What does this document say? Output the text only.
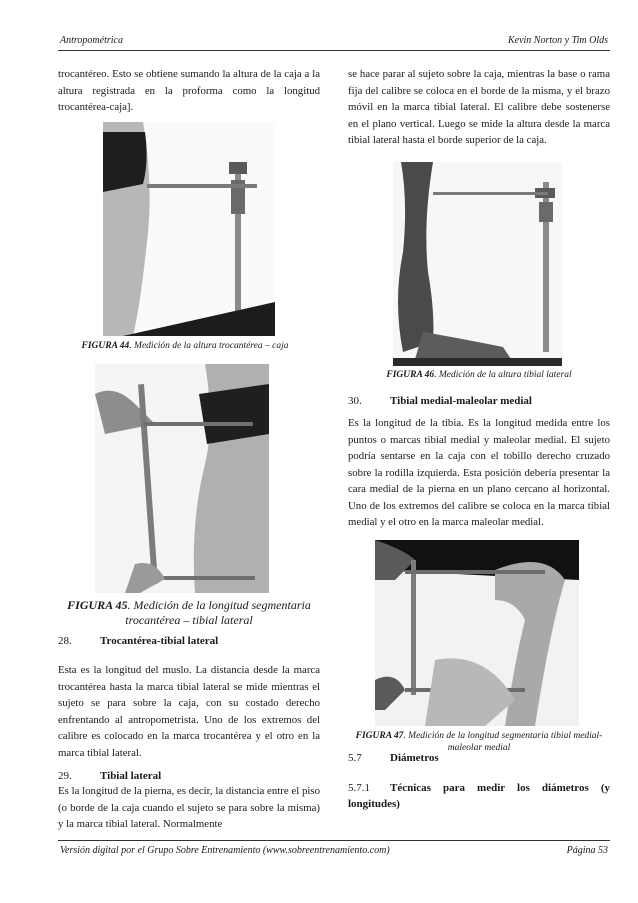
Antropométrica	Kevin Norton y Tim Olds

trocantéreo. Esto se obtiene sumando la altura de la caja a la altura registrada en la proforma como la longitud trocantérea-caja].

FIGURA 44. Medición de la altura trocantérea – caja
FIGURA 45. Medición de la longitud segmentaria
trocantérea – tibial lateral
28.	Trocantérea-tibial lateral

Esta es la longitud del muslo. La distancia desde la marca trocantérea hasta la marca tibial lateral se mide mientras el sujeto se para sobre la caja, con su costado derecho enfrentando al antropometrista. Uno de los extremos del calibre es colocado en la marca trocantérea y el otro en la marca tibial lateral.

29.	Tibial lateral

Es la longitud de la pierna, es decir, la distancia entre el piso (o borde de la caja cuando el sujeto se para sobre la misma) y la marca tibial lateral. Normalmente

se hace parar al sujeto sobre la caja, mientras la base o rama fija del calibre se coloca en el borde de la misma, y el brazo móvil en la marca tibial lateral. El calibre debe sostenerse en el plano vertical. Luego se mide la altura desde la marca tibial lateral hasta el borde superior de la caja.

FIGURA 46. Medición de la altura tibial lateral
30.	Tibial medial-maleolar medial

Es la longitud de la tibia. Es la longitud medida entre los puntos o marcas tibial medial y maleolar medial. El sujeto podría sentarse en la caja con el tobillo derecho cruzado sobre la rodilla izquierda. Esta posición debería presentar la cara medial de la pierna en un plano cercano al horizontal. Uno de los extremos del calibre se coloca en la marca tibial medial y el otro en la marca maleolar medial.

FIGURA 47. Medición de la longitud segmentaria tibial medial-
maleolar medial
5.7	Diámetros
5.7.1	Técnicas para medir los diámetros (y
longitudes)
Versión digital por el Grupo Sobre Entrenamiento (www.sobreentrenamiento.com)	Página 53
